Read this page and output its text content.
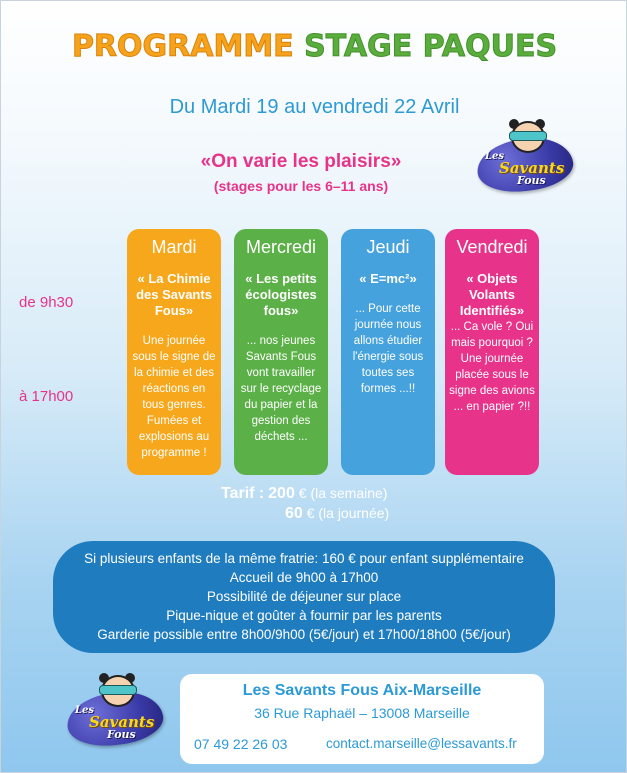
PROGRAMME STAGE PAQUES
Du Mardi 19 au vendredi 22 Avril
«On varie les plaisirs»
(stages pour les 6–11 ans)
Les
Savants
Fous
de 9h30
à 17h00
Mardi
« La Chimie des Savants Fous»
Une journée sous le signe de la chimie et des réactions en tous genres. Fumées et explosions au programme !
Mercredi
« Les petits écologistes fous»
... nos jeunes Savants Fous vont travailler sur le recyclage du papier et la gestion des déchets ...
Jeudi
« E=mc²»
... Pour cette journée nous allons étudier l'énergie sous toutes ses formes ...!!
Vendredi
« Objets Volants Identifiés»
... Ca vole ? Oui mais pourquoi ? Une journée placée sous le signe des avions ... en papier ?!!
Tarif : 200 € (la semaine)
60 € (la journée)
Si plusieurs enfants de la même fratrie: 160 € pour enfant supplémentaire
Accueil de 9h00 à 17h00
Possibilité de déjeuner sur place
Pique-nique et goûter à fournir par les parents
Garderie possible entre 8h00/9h00 (5€/jour) et 17h00/18h00 (5€/jour)
Les
Savants
Fous
Les Savants Fous Aix-Marseille
36 Rue Raphaël – 13008 Marseille
07 49 22 26 03	contact.marseille@lessavants.fr
